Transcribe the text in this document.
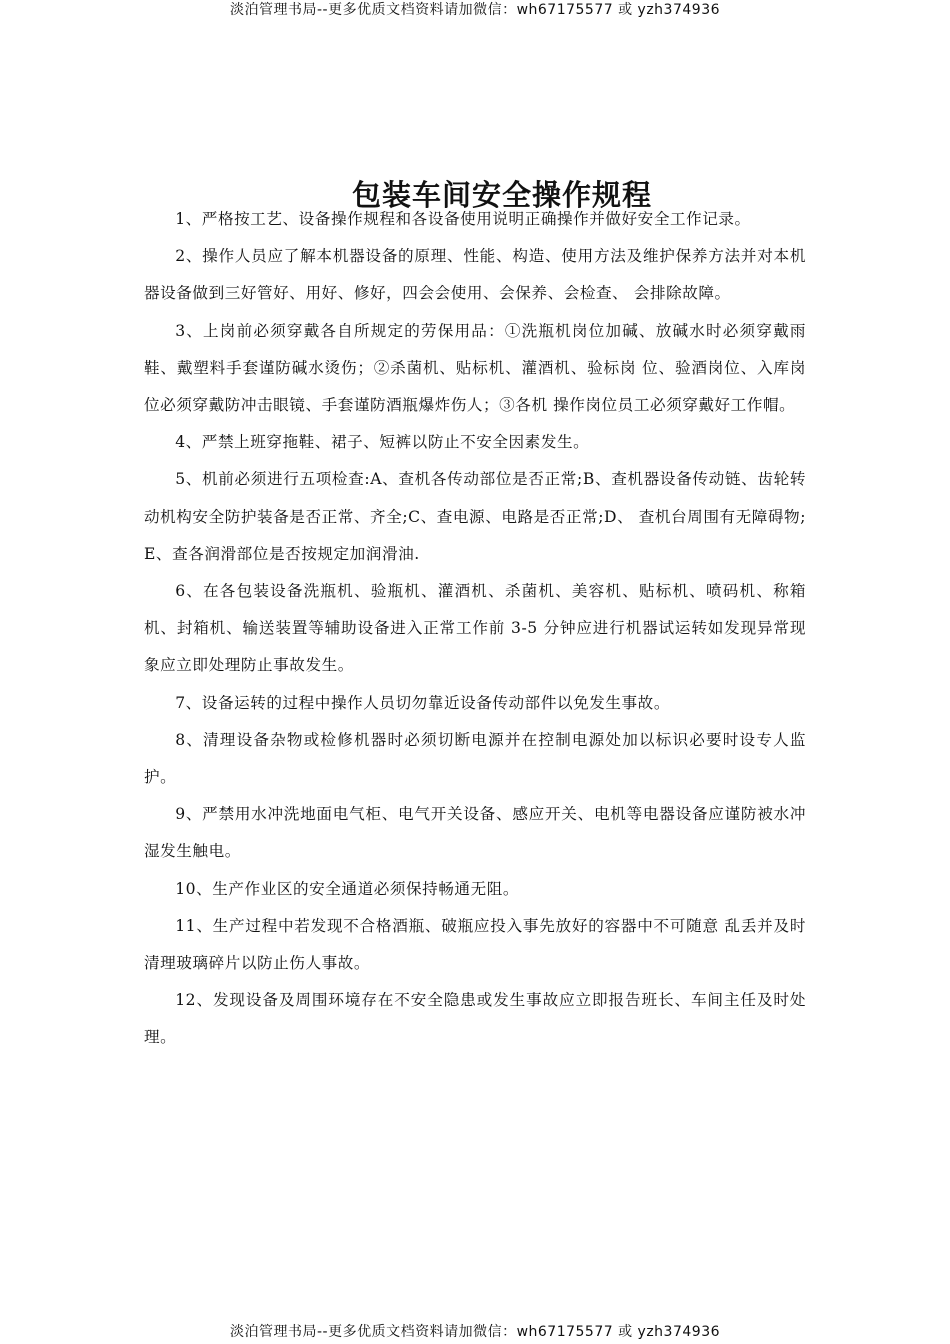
淡泊管理书局--更多优质文档资料请加微信：wh67175577 或 yzh374936
包装车间安全操作规程

1、严格按工艺、设备操作规程和各设备使用说明正确操作并做好安全工作记录。

2、操作人员应了解本机器设备的原理、性能、构造、使用方法及维护保养方法并对本机器设备做到三好管好、用好、修好，四会会使用、会保养、会检查、 会排除故障。

3、上岗前必须穿戴各自所规定的劳保用品：①洗瓶机岗位加碱、放碱水时必须穿戴雨鞋、戴塑料手套谨防碱水烫伤；②杀菌机、贴标机、灌酒机、验标岗 位、验酒岗位、入库岗位必须穿戴防冲击眼镜、手套谨防酒瓶爆炸伤人；③各机 操作岗位员工必须穿戴好工作帽。

4、严禁上班穿拖鞋、裙子、短裤以防止不安全因素发生。

5、机前必须进行五项检查:A、查机各传动部位是否正常;B、查机器设备传动链、齿轮转动机构安全防护装备是否正常、齐全;C、查电源、电路是否正常;D、 查机台周围有无障碍物;E、查各润滑部位是否按规定加润滑油.

6、在各包装设备洗瓶机、验瓶机、灌酒机、杀菌机、美容机、贴标机、喷码机、称箱机、封箱机、输送装置等辅助设备进入正常工作前 3-5 分钟应进行机器试运转如发现异常现象应立即处理防止事故发生。

7、设备运转的过程中操作人员切勿靠近设备传动部件以免发生事故。

8、清理设备杂物或检修机器时必须切断电源并在控制电源处加以标识必要时设专人监护。

9、严禁用水冲洗地面电气柜、电气开关设备、感应开关、电机等电器设备应谨防被水冲湿发生触电。

10、生产作业区的安全通道必须保持畅通无阻。

11、生产过程中若发现不合格酒瓶、破瓶应投入事先放好的容器中不可随意 乱丢并及时清理玻璃碎片以防止伤人事故。

12、发现设备及周围环境存在不安全隐患或发生事故应立即报告班长、车间主任及时处理。

淡泊管理书局--更多优质文档资料请加微信：wh67175577 或 yzh374936
